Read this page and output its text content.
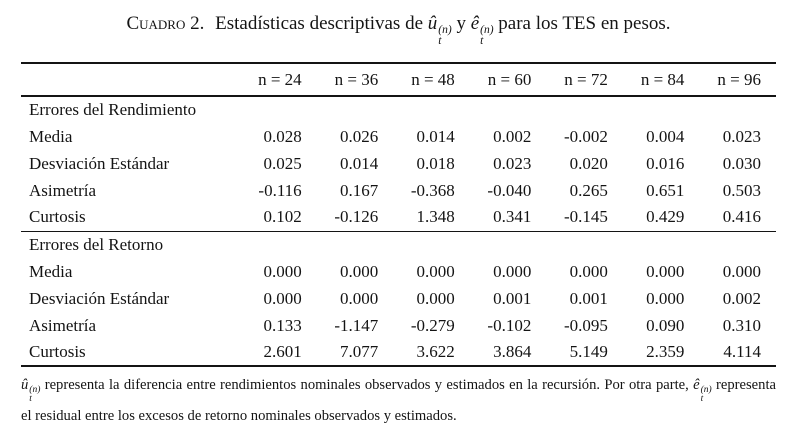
Cuadro 2. Estadísticas descriptivas de û (n)
t
y ê (n)
t
para los TES en pesos.
	n = 24	n = 36	n = 48	n = 60	n = 72	n = 84	n = 96
Errores del Rendimiento							
Media	0.028	0.026	0.014	0.002	-0.002	0.004	0.023
Desviación Estándar	0.025	0.014	0.018	0.023	0.020	0.016	0.030
Asimetría	-0.116	0.167	-0.368	-0.040	0.265	0.651	0.503
Curtosis	0.102	-0.126	1.348	0.341	-0.145	0.429	0.416
Errores del Retorno							
Media	0.000	0.000	0.000	0.000	0.000	0.000	0.000
Desviación Estándar	0.000	0.000	0.000	0.001	0.001	0.000	0.002
Asimetría	0.133	-1.147	-0.279	-0.102	-0.095	0.090	0.310
Curtosis	2.601	7.077	3.622	3.864	5.149	2.359	4.114
û (n)
t
representa la diferencia entre rendimientos nominales observados y estimados en la recursión. Por otra parte, ê (n)
t
representa el residual entre los excesos de retorno nominales observados y estimados.
